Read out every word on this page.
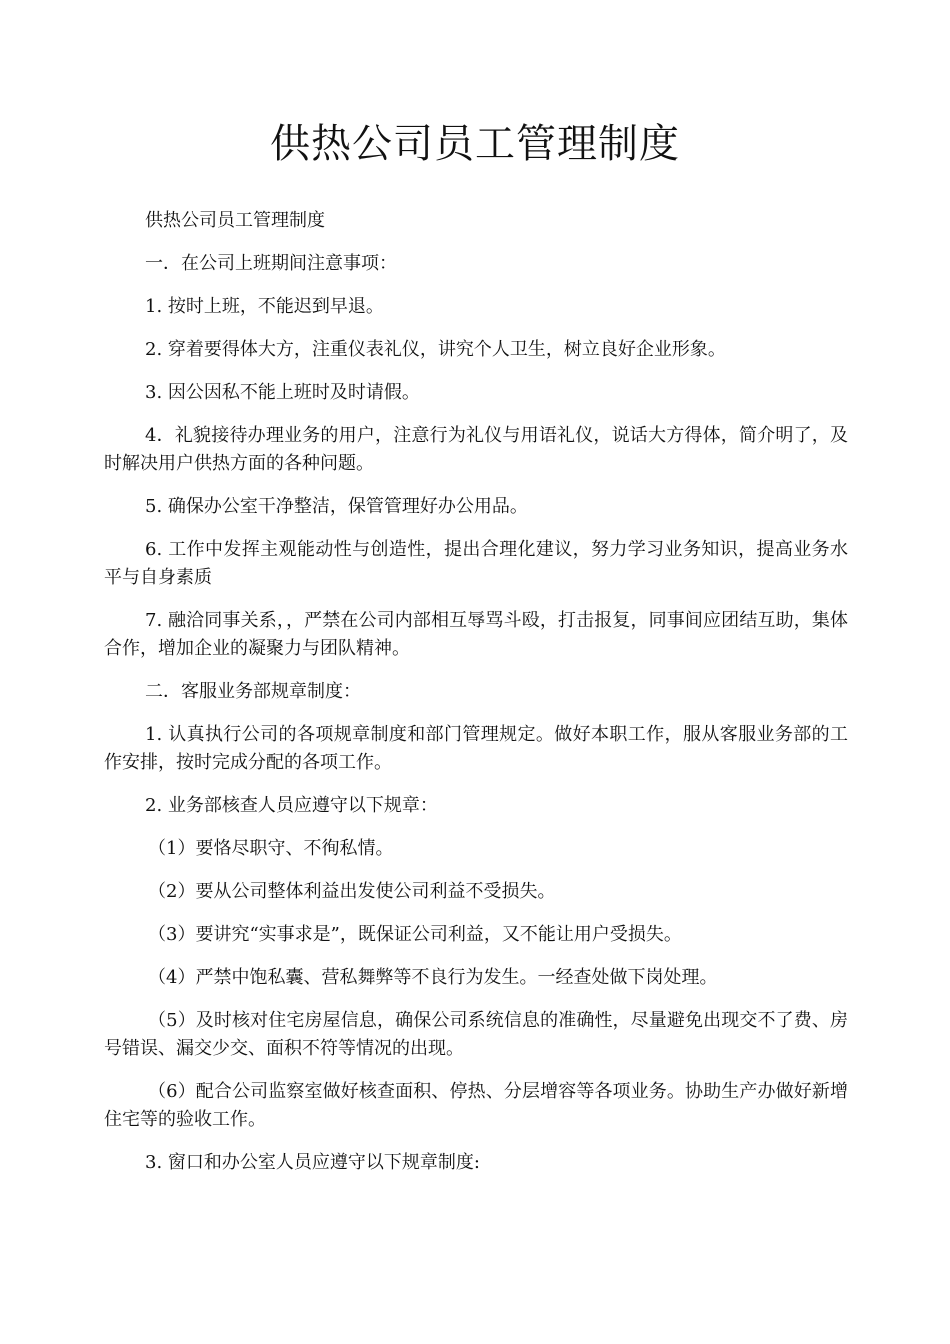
供热公司员工管理制度

供热公司员工管理制度

一．在公司上班期间注意事项：

1. 按时上班，不能迟到早退。

2. 穿着要得体大方，注重仪表礼仪，讲究个人卫生，树立良好企业形象。

3. 因公因私不能上班时及时请假。

4．礼貌接待办理业务的用户，注意行为礼仪与用语礼仪，说话大方得体，简介明了，及时解决用户供热方面的各种问题。

5. 确保办公室干净整洁，保管管理好办公用品。

6. 工作中发挥主观能动性与创造性，提出合理化建议，努力学习业务知识，提高业务水平与自身素质

7. 融洽同事关系，，严禁在公司内部相互辱骂斗殴，打击报复，同事间应团结互助，集体合作，增加企业的凝聚力与团队精神。

二．客服业务部规章制度：

1. 认真执行公司的各项规章制度和部门管理规定。做好本职工作，服从客服业务部的工作安排，按时完成分配的各项工作。

2. 业务部核查人员应遵守以下规章：

（1）要恪尽职守、不徇私情。

（2）要从公司整体利益出发使公司利益不受损失。

（3）要讲究“实事求是”，既保证公司利益，又不能让用户受损失。

（4）严禁中饱私囊、营私舞弊等不良行为发生。一经查处做下岗处理。

（5）及时核对住宅房屋信息，确保公司系统信息的准确性，尽量避免出现交不了费、房号错误、漏交少交、面积不符等情况的出现。

（6）配合公司监察室做好核查面积、停热、分层增容等各项业务。协助生产办做好新增住宅等的验收工作。

3. 窗口和办公室人员应遵守以下规章制度:
